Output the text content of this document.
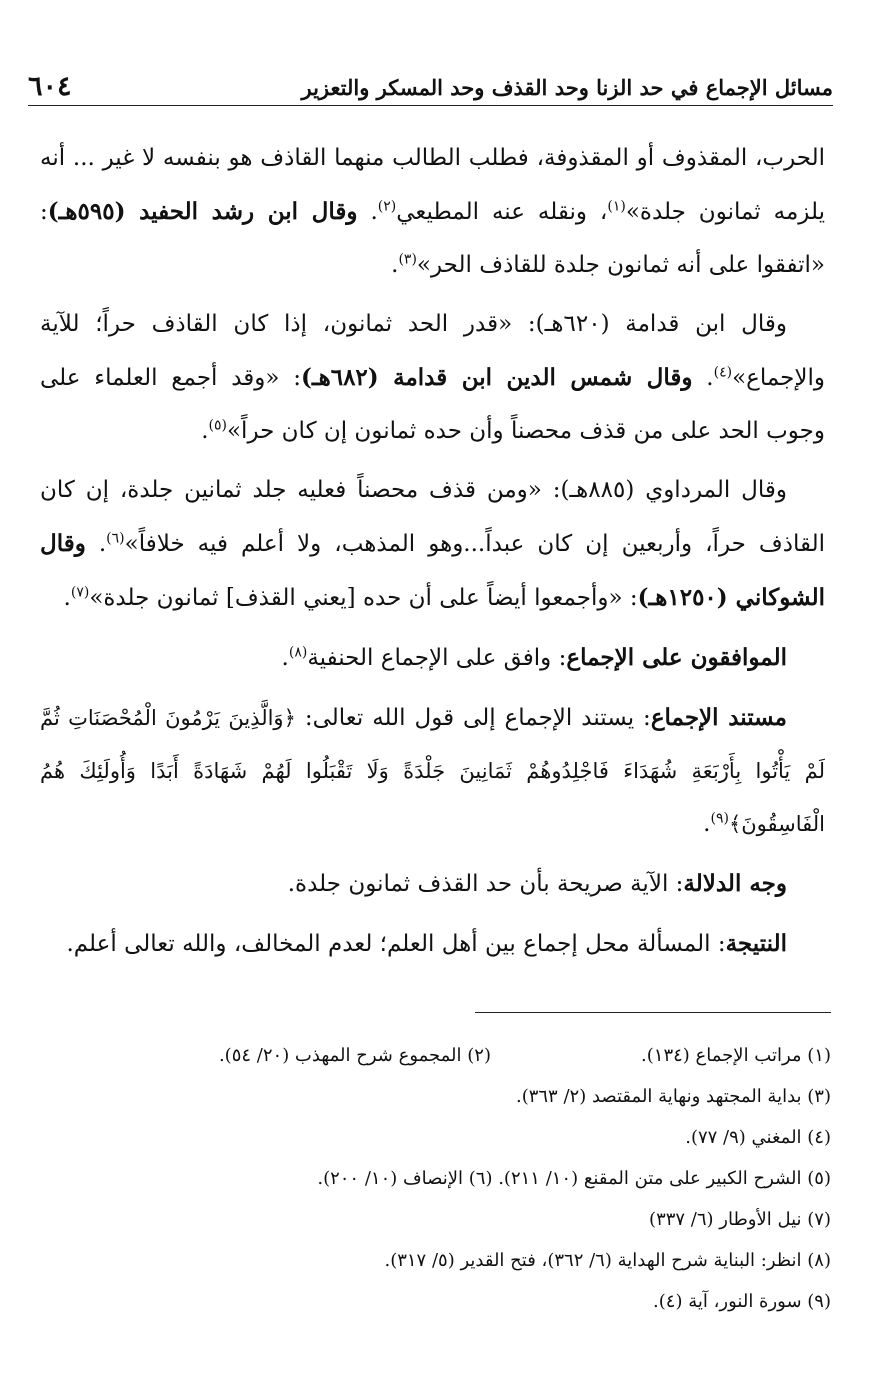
مسائل الإجماع في حد الزنا وحد القذف وحد المسكر والتعزير
٦٠٤

الحرب، المقذوف أو المقذوفة، فطلب الطالب منهما القاذف هو بنفسه لا غير ... أنه يلزمه ثمانون جلدة»$^{(١)}$، ونقله عنه المطيعي$^{(٢)}$. وقال ابن رشد الحفيد (٥٩٥هـ): «اتفقوا على أنه ثمانون جلدة للقاذف الحر»$^{(٣)}$.

وقال ابن قدامة (٦٢٠هـ): «قدر الحد ثمانون، إذا كان القاذف حراً؛ للآية والإجماع»$^{(٤)}$. وقال شمس الدين ابن قدامة (٦٨٢هـ): «وقد أجمع العلماء على وجوب الحد على من قذف محصناً وأن حده ثمانون إن كان حراً»$^{(٥)}$.

وقال المرداوي (٨٨٥هـ): «ومن قذف محصناً فعليه جلد ثمانين جلدة، إن كان القاذف حراً، وأربعين إن كان عبداً...وهو المذهب، ولا أعلم فيه خلافاً»$^{(٦)}$. وقال الشوكاني (١٢٥٠هـ): «وأجمعوا أيضاً على أن حده [يعني القذف] ثمانون جلدة»$^{(٧)}$.

الموافقون على الإجماع: وافق على الإجماع الحنفية$^{(٨)}$.

مستند الإجماع: يستند الإجماع إلى قول الله تعالى: ﴿وَالَّذِينَ يَرْمُونَ الْمُحْصَنَاتِ ثُمَّ لَمْ يَأْتُوا بِأَرْبَعَةِ شُهَدَاءَ فَاجْلِدُوهُمْ ثَمَانِينَ جَلْدَةً وَلَا تَقْبَلُوا لَهُمْ شَهَادَةً أَبَدًا وَأُولَئِكَ هُمُ الْفَاسِقُونَ﴾$^{(٩)}$.

وجه الدلالة: الآية صريحة بأن حد القذف ثمانون جلدة.

النتيجة: المسألة محل إجماع بين أهل العلم؛ لعدم المخالف، والله تعالى أعلم.

(١) مراتب الإجماع (١٣٤).
(٢) المجموع شرح المهذب (٢٠/ ٥٤).
(٣) بداية المجتهد ونهاية المقتصد (٢/ ٣٦٣).
(٤) المغني (٩/ ٧٧).
(٥) الشرح الكبير على متن المقنع (١٠/ ٢١١). (٦) الإنصاف (١٠/ ٢٠٠).
(٧) نيل الأوطار (٦/ ٣٣٧)
(٨) انظر: البناية شرح الهداية (٦/ ٣٦٢)، فتح القدير (٥/ ٣١٧).
(٩) سورة النور، آية (٤).
